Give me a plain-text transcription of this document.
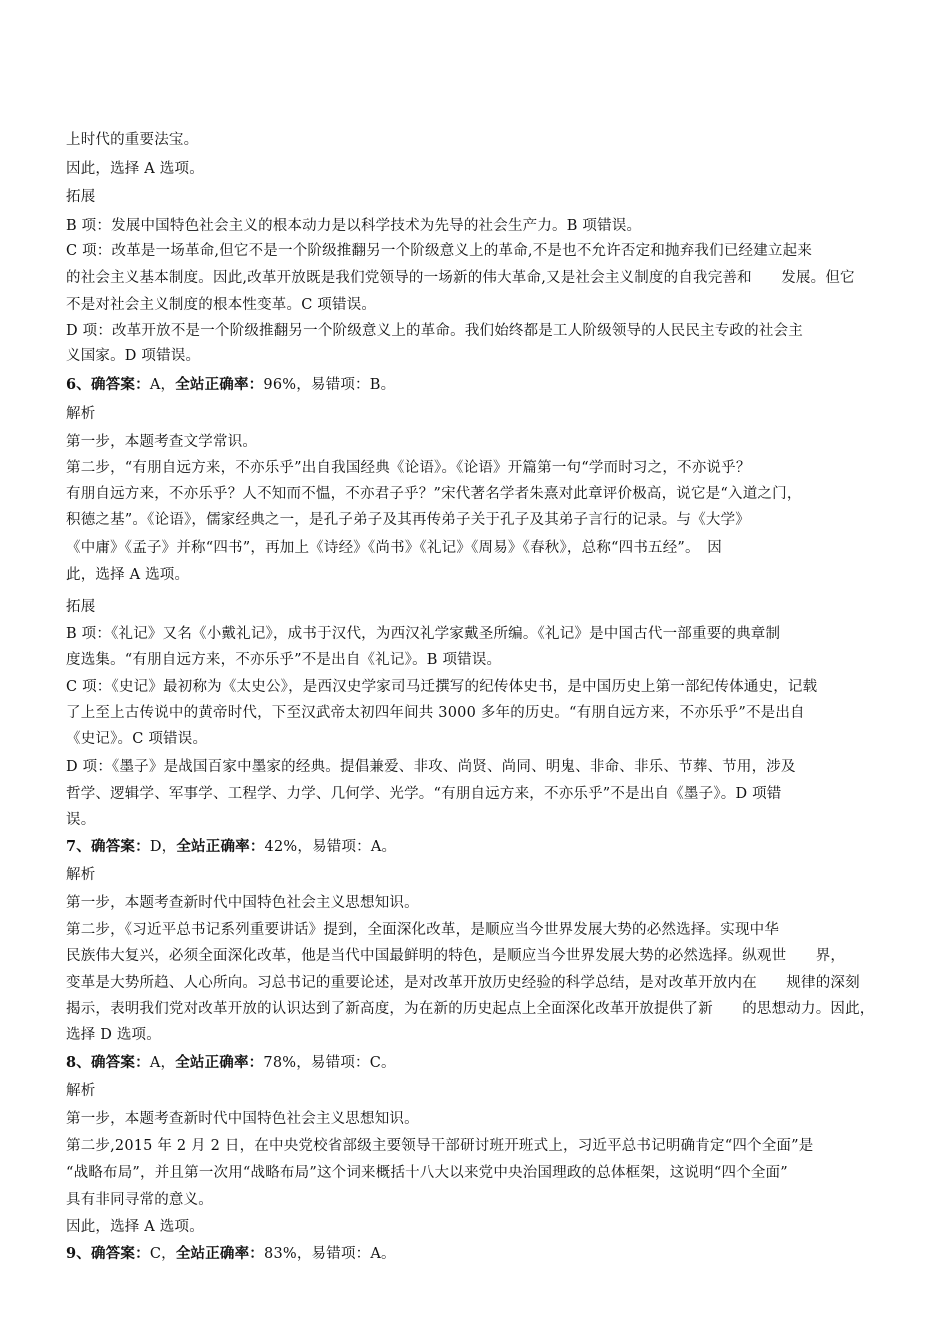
上时代的重要法宝。
因此，选择 A 选项。
拓展
B 项：发展中国特色社会主义的根本动力是以科学技术为先导的社会生产力。B 项错误。
C 项：改革是一场革命,但它不是一个阶级推翻另一个阶级意义上的革命,不是也不允许否定和抛弃我们已经建立起来
的社会主义基本制度。因此,改革开放既是我们党领导的一场新的伟大革命,又是社会主义制度的自我完善和　　发展。但它
不是对社会主义制度的根本性变革。C 项错误。
D 项：改革开放不是一个阶级推翻另一个阶级意义上的革命。我们始终都是工人阶级领导的人民民主专政的社会主
义国家。D 项错误。
6、确答案：A，全站正确率：96%，易错项：B。
解析
第一步，本题考查文学常识。
第二步，“有朋自远方来，不亦乐乎”出自我国经典《论语》。《论语》开篇第一句“学而时习之，不亦说乎？
有朋自远方来，不亦乐乎？人不知而不愠，不亦君子乎？”宋代著名学者朱熹对此章评价极高，说它是“入道之门，
积德之基”。《论语》，儒家经典之一，是孔子弟子及其再传弟子关于孔子及其弟子言行的记录。与《大学》
《中庸》《孟子》并称“四书”，再加上《诗经》《尚书》《礼记》《周易》《春秋》，总称“四书五经”。　因
此，选择 A 选项。
拓展
B 项：《礼记》又名《小戴礼记》，成书于汉代，为西汉礼学家戴圣所编。《礼记》是中国古代一部重要的典章制
度选集。“有朋自远方来，不亦乐乎”不是出自《礼记》。B 项错误。
C 项：《史记》最初称为《太史公》，是西汉史学家司马迁撰写的纪传体史书，是中国历史上第一部纪传体通史，记载
了上至上古传说中的黄帝时代，下至汉武帝太初四年间共 3000 多年的历史。“有朋自远方来，不亦乐乎”不是出自
《史记》。C 项错误。
D 项：《墨子》是战国百家中墨家的经典。提倡兼爱、非攻、尚贤、尚同、明鬼、非命、非乐、节葬、节用，涉及
哲学、逻辑学、军事学、工程学、力学、几何学、光学。“有朋自远方来，不亦乐乎”不是出自《墨子》。D 项错
误。
7、确答案：D，全站正确率：42%，易错项：A。
解析
第一步，本题考查新时代中国特色社会主义思想知识。
第二步，《习近平总书记系列重要讲话》提到，全面深化改革，是顺应当今世界发展大势的必然选择。实现中华
民族伟大复兴，必须全面深化改革，他是当代中国最鲜明的特色，是顺应当今世界发展大势的必然选择。纵观世　　界，
变革是大势所趋、人心所向。习总书记的重要论述，是对改革开放历史经验的科学总结，是对改革开放内在　　规律的深刻
揭示，表明我们党对改革开放的认识达到了新高度，为在新的历史起点上全面深化改革开放提供了新　　的思想动力。因此，
选择 D 选项。
8、确答案：A，全站正确率：78%，易错项：C。
解析
第一步，本题考查新时代中国特色社会主义思想知识。
第二步,2015 年 2 月 2 日，在中央党校省部级主要领导干部研讨班开班式上，习近平总书记明确肯定“四个全面”是
“战略布局”，并且第一次用“战略布局”这个词来概括十八大以来党中央治国理政的总体框架，这说明“四个全面”
具有非同寻常的意义。
因此，选择 A 选项。
9、确答案：C，全站正确率：83%，易错项：A。
